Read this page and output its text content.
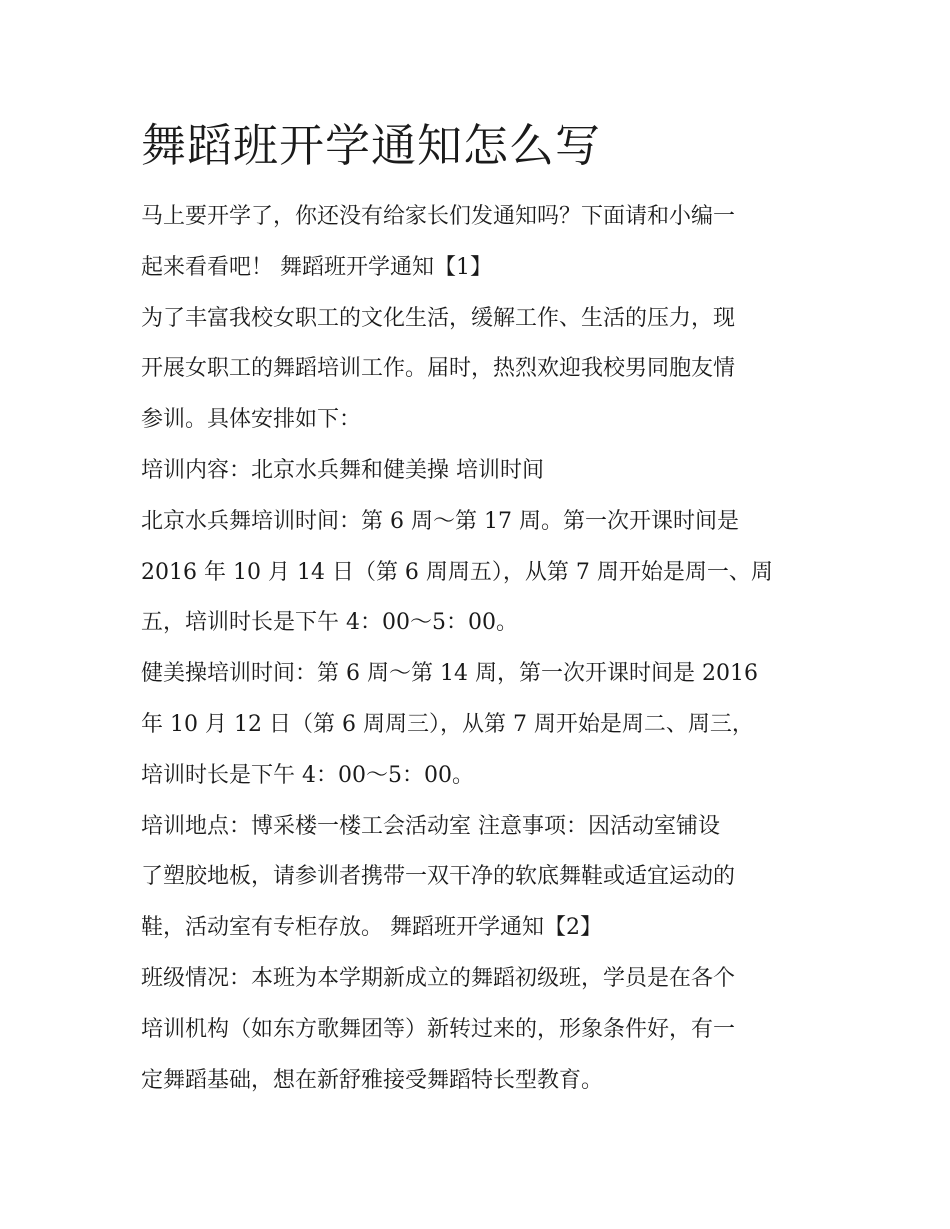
舞蹈班开学通知怎么写

马上要开学了，你还没有给家长们发通知吗？下面请和小编一

起来看看吧！ 舞蹈班开学通知【1】

为了丰富我校女职工的文化生活，缓解工作、生活的压力，现

开展女职工的舞蹈培训工作。届时，热烈欢迎我校男同胞友情

参训。具体安排如下：

培训内容：北京水兵舞和健美操 培训时间

北京水兵舞培训时间：第 6 周～第 17 周。第一次开课时间是

2016 年 10 月 14 日（第 6 周周五），从第 7 周开始是周一、周

五，培训时长是下午 4：00～5：00。

健美操培训时间：第 6 周～第 14 周，第一次开课时间是 2016

年 10 月 12 日（第 6 周周三），从第 7 周开始是周二、周三，

培训时长是下午 4：00～5：00。

培训地点：博采楼一楼工会活动室 注意事项：因活动室铺设

了塑胶地板，请参训者携带一双干净的软底舞鞋或适宜运动的

鞋，活动室有专柜存放。 舞蹈班开学通知【2】

班级情况：本班为本学期新成立的舞蹈初级班，学员是在各个

培训机构（如东方歌舞团等）新转过来的，形象条件好，有一

定舞蹈基础，想在新舒雅接受舞蹈特长型教育。
